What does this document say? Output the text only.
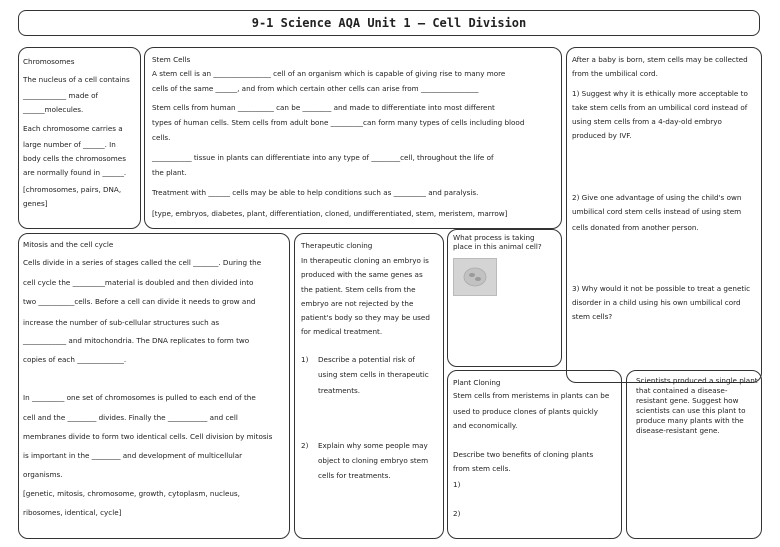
9-1 Science AQA Unit 1 – Cell Division
Chromosomes
The nucleus of a cell contains
____________ made of
______molecules.
Each chromosome carries a
large number of ______. In
body cells the chromosomes
are normally found in ______.
[chromosomes, pairs, DNA,
genes]
Stem Cells
A stem cell is an ________________ cell of an organism which is capable of giving rise to many more
cells of the same ______, and from which certain other cells can arise from ________________
Stem cells from human __________ can be ________ and made to differentiate into most different
types of human cells. Stem cells from adult bone _________can form many types of cells including blood
cells.
___________ tissue in plants can differentiate into any type of ________cell, throughout the life of
the plant.
Treatment with ______ cells may be able to help conditions such as _________ and paralysis.
[type, embryos, diabetes, plant, differentiation, cloned, undifferentiated, stem, meristem, marrow]
After a baby is born, stem cells may be collected
from the umbilical cord.
1) Suggest why it is ethically more acceptable to
take stem cells from an umbilical cord instead of
using stem cells from a 4-day-old embryo
produced by IVF.
2) Give one advantage of using the child's own
umbilical cord stem cells instead of using stem
cells donated from another person.
3) Why would it not be possible to treat a genetic
disorder in a child using his own umbilical cord
stem cells?
Mitosis and the cell cycle
Cells divide in a series of stages called the cell _______. During the
cell cycle the _________material is doubled and then divided into
two __________cells. Before a cell can divide it needs to grow and
increase the number of sub-cellular structures such as
____________ and mitochondria. The DNA replicates to form two
copies of each _____________.
In _________ one set of chromosomes is pulled to each end of the
cell and the ________ divides. Finally the ___________ and cell
membranes divide to form two identical cells. Cell division by mitosis
is important in the ________ and development of multicellular
organisms.
[genetic, mitosis, chromosome, growth, cytoplasm, nucleus,
ribosomes, identical, cycle]
Therapeutic cloning
In therapeutic cloning an embryo is
produced with the same genes as
the patient. Stem cells from the
embryo are not rejected by the
patient's body so they may be used
for medical treatment.
1) Describe a potential risk of
using stem cells in therapeutic
treatments.
2) Explain why some people may
object to cloning embryo stem
cells for treatments.
What process is taking
place in this animal cell?
Plant Cloning
Stem cells from meristems in plants can be
used to produce clones of plants quickly
and economically.
Describe two benefits of cloning plants
from stem cells.
1)
2)
Scientists produced a single plant
that contained a disease-
resistant gene. Suggest how
scientists can use this plant to
produce many plants with the
disease-resistant gene.
